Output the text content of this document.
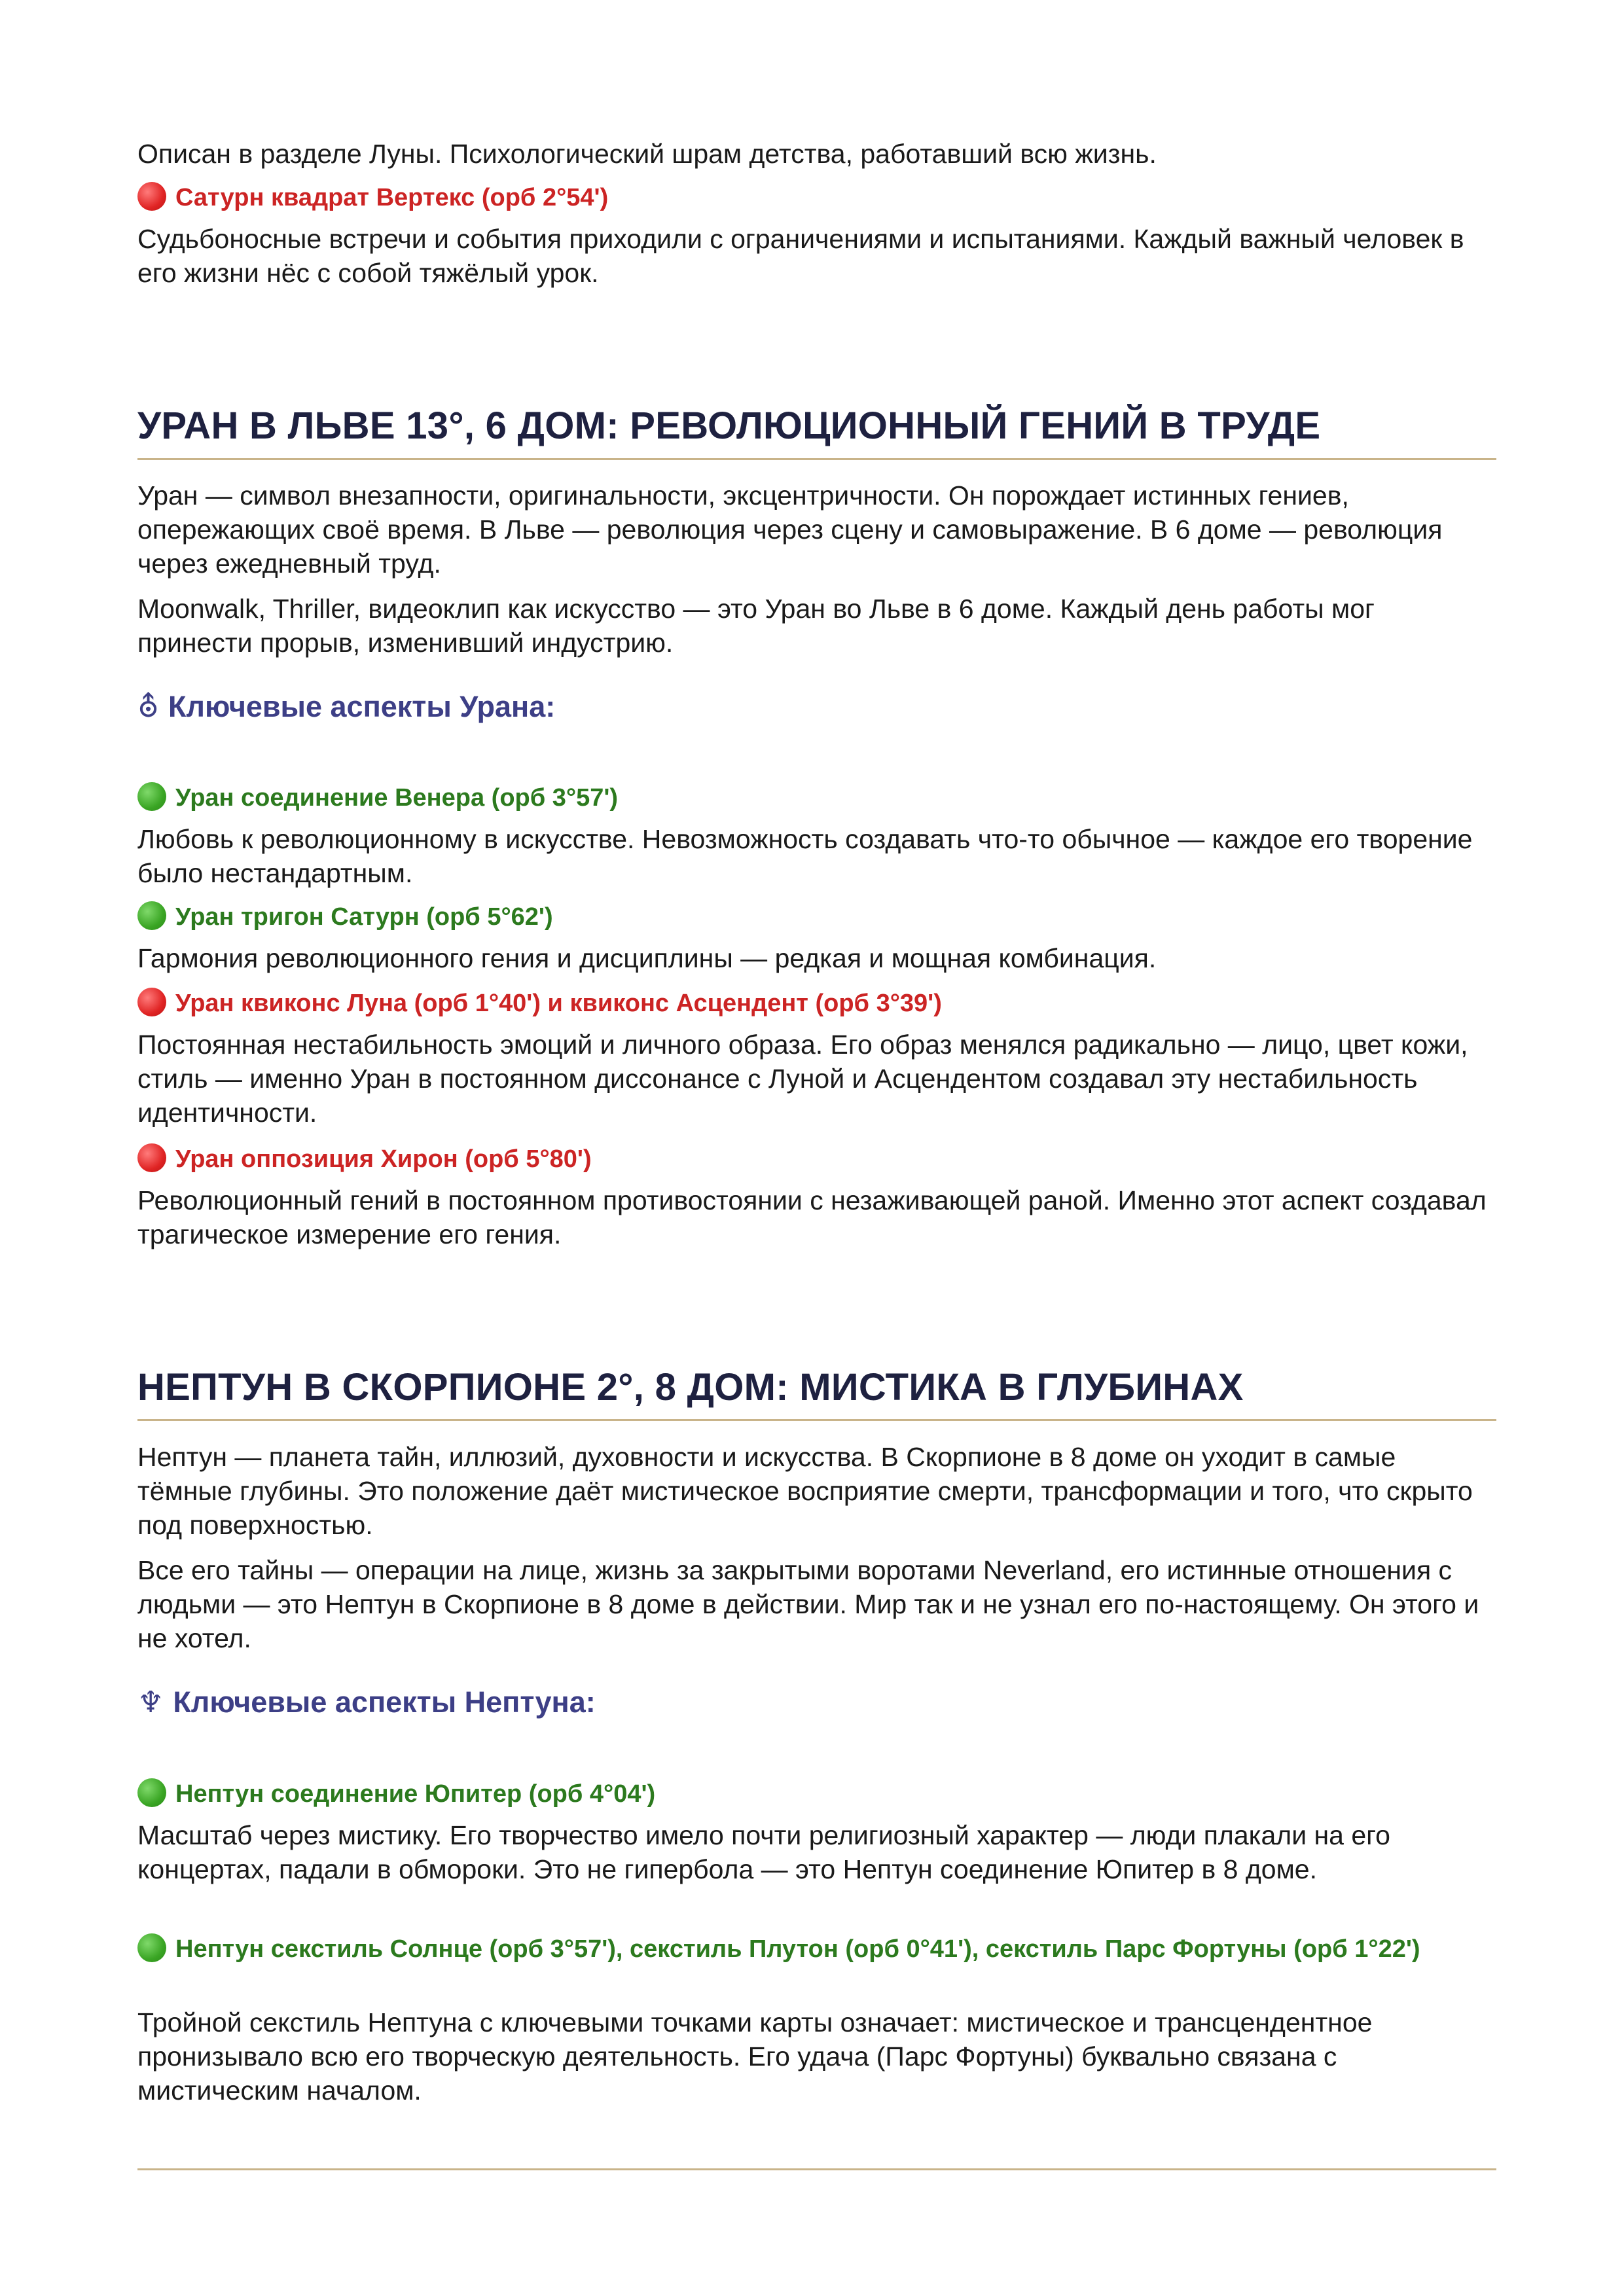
Описан в разделе Луны. Психологический шрам детства, работавший всю жизнь.

Сатурн квадрат Вертекс (орб 2°54')

Судьбоносные встречи и события приходили с ограничениями и испытаниями. Каждый важный человек в его жизни нёс с собой тяжёлый урок.

УРАН В ЛЬВЕ 13°, 6 ДОМ: РЕВОЛЮЦИОННЫЙ ГЕНИЙ В ТРУДЕ

Уран — символ внезапности, оригинальности, эксцентричности. Он порождает истинных гениев, опережающих своё время. В Льве — революция через сцену и самовыражение. В 6 доме — революция через ежедневный труд.

Moonwalk, Thriller, видеоклип как искусство — это Уран во Льве в 6 доме. Каждый день работы мог принести прорыв, изменивший индустрию.

⛢ Ключевые аспекты Урана:

Уран соединение Венера (орб 3°57')

Любовь к революционному в искусстве. Невозможность создавать что-то обычное — каждое его творение было нестандартным.

Уран тригон Сатурн (орб 5°62')

Гармония революционного гения и дисциплины — редкая и мощная комбинация.

Уран квиконс Луна (орб 1°40') и квиконс Асцендент (орб 3°39')

Постоянная нестабильность эмоций и личного образа. Его образ менялся радикально — лицо, цвет кожи, стиль — именно Уран в постоянном диссонансе с Луной и Асцендентом создавал эту нестабильность идентичности.

Уран оппозиция Хирон (орб 5°80')

Революционный гений в постоянном противостоянии с незаживающей раной. Именно этот аспект создавал трагическое измерение его гения.

НЕПТУН В СКОРПИОНЕ 2°, 8 ДОМ: МИСТИКА В ГЛУБИНАХ

Нептун — планета тайн, иллюзий, духовности и искусства. В Скорпионе в 8 доме он уходит в самые тёмные глубины. Это положение даёт мистическое восприятие смерти, трансформации и того, что скрыто под поверхностью.

Все его тайны — операции на лице, жизнь за закрытыми воротами Neverland, его истинные отношения с людьми — это Нептун в Скорпионе в 8 доме в действии. Мир так и не узнал его по-настоящему. Он этого и не хотел.

♆ Ключевые аспекты Нептуна:

Нептун соединение Юпитер (орб 4°04')

Масштаб через мистику. Его творчество имело почти религиозный характер — люди плакали на его концертах, падали в обмороки. Это не гипербола — это Нептун соединение Юпитер в 8 доме.

Нептун секстиль Солнце (орб 3°57'), секстиль Плутон (орб 0°41'), секстиль Парс Фортуны (орб 1°22')

Тройной секстиль Нептуна с ключевыми точками карты означает: мистическое и трансцендентное пронизывало всю его творческую деятельность. Его удача (Парс Фортуны) буквально связана с мистическим началом.
